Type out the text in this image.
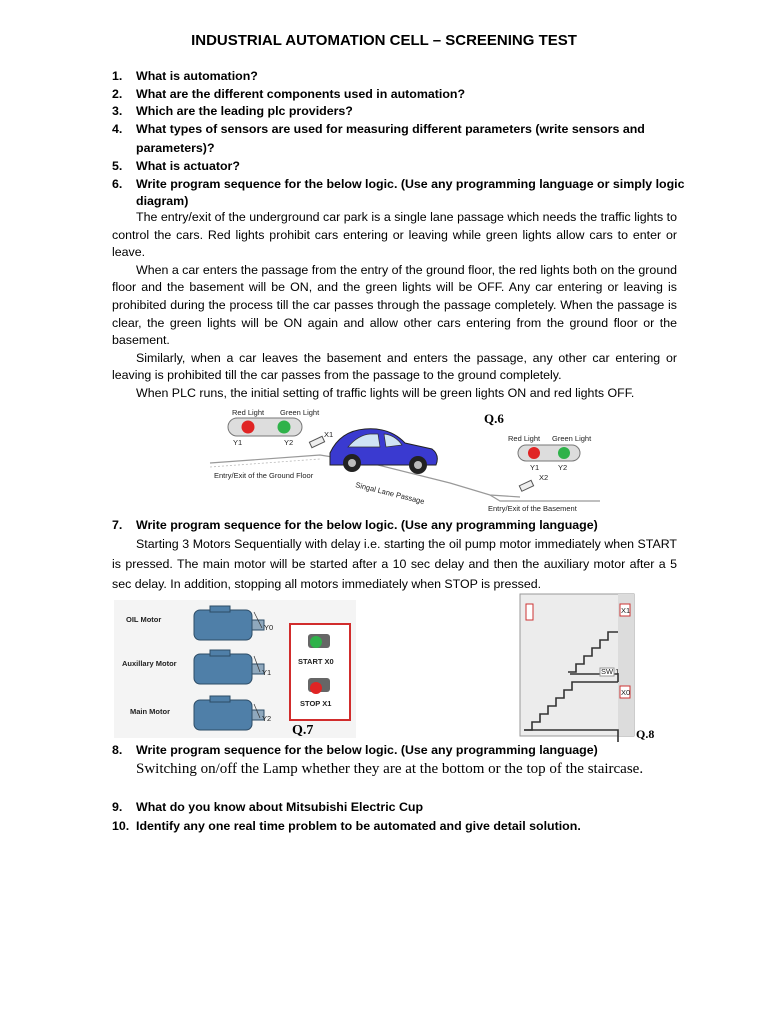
INDUSTRIAL AUTOMATION CELL – SCREENING TEST
1.	What is automation?
2.	What are the different components used in automation?
3.	Which are the leading plc providers?
4.	What types of sensors are used for measuring different parameters (write sensors and
parameters)?
5.	What is actuator?
6.	Write program sequence for the below logic. (Use any programming language or simply logic
diagram)

The entry/exit of the underground car park is a single lane passage which needs the traffic lights to control the cars. Red lights prohibit cars entering or leaving while green lights allow cars to enter or leave.

When a car enters the passage from the entry of the ground floor, the red lights both on the ground floor and the basement will be ON, and the green lights will be OFF. Any car entering or leaving is prohibited during the process till the car passes through the passage completely. When the passage is clear, the green lights will be ON again and allow other cars entering from the ground floor or the basement.

Similarly, when a car leaves the basement and enters the passage, any other car entering or leaving is prohibited till the car passes from the passage to the ground completely.

When PLC runs, the initial setting of traffic lights will be green lights ON and red lights OFF.

Red Light Green Light
Y1	Y2
X1
Entry/Exit of the Ground Floor
Singal Lane Passage
Q.6
Red Light Green Light
Y1	Y2
X2
Entry/Exit of the Basement
7.	Write program sequence for the below logic. (Use any programming language)

Starting 3 Motors Sequentially with delay i.e. starting the oil pump motor immediately when START is pressed. The main motor will be started after a 10 sec delay and then the auxiliary motor after a 5 sec delay. In addition, stopping all motors immediately when STOP is pressed.

OIL Motor
Auxillary Motor
Main Motor
Y0
Y1
Y2
START X0
STOP X1
Q.7
X1
SW 1
X0
Q.8
8.	Write program sequence for the below logic. (Use any programming language)
Switching on/off the Lamp whether they are at the bottom or the top of the staircase.
9.	What do you know about Mitsubishi Electric Cup
10. Identify any one real time problem to be automated and give detail solution.
